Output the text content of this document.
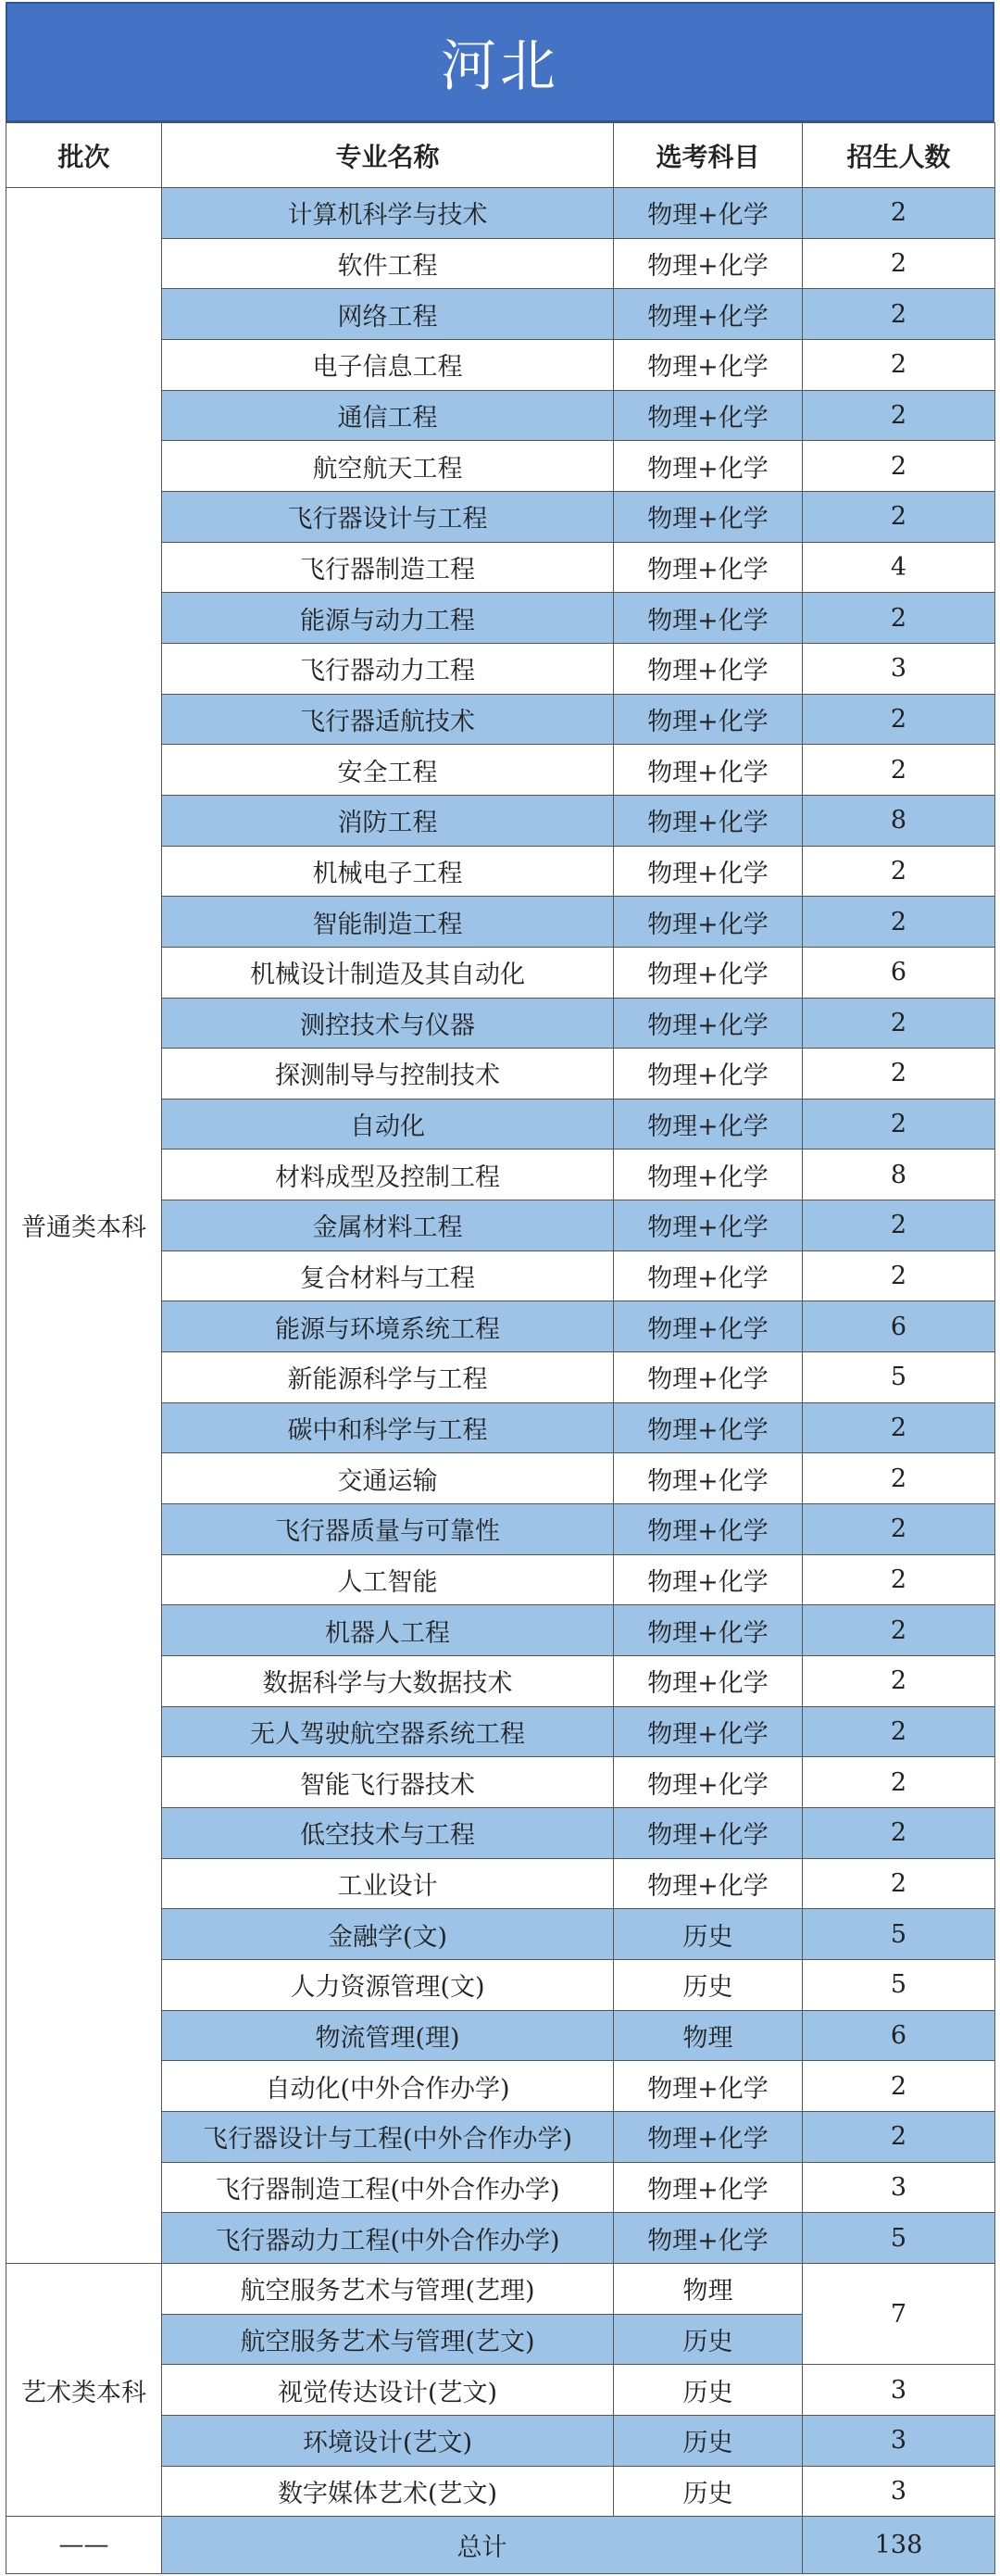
河北
批次	专业名称	选考科目	招生人数
普通类本科	计算机科学与技术	物理+化学	2
	软件工程	物理+化学	2
	网络工程	物理+化学	2
	电子信息工程	物理+化学	2
	通信工程	物理+化学	2
	航空航天工程	物理+化学	2
	飞行器设计与工程	物理+化学	2
	飞行器制造工程	物理+化学	4
	能源与动力工程	物理+化学	2
	飞行器动力工程	物理+化学	3
	飞行器适航技术	物理+化学	2
	安全工程	物理+化学	2
	消防工程	物理+化学	8
	机械电子工程	物理+化学	2
	智能制造工程	物理+化学	2
	机械设计制造及其自动化	物理+化学	6
	测控技术与仪器	物理+化学	2
	探测制导与控制技术	物理+化学	2
	自动化	物理+化学	2
	材料成型及控制工程	物理+化学	8
	金属材料工程	物理+化学	2
	复合材料与工程	物理+化学	2
	能源与环境系统工程	物理+化学	6
	新能源科学与工程	物理+化学	5
	碳中和科学与工程	物理+化学	2
	交通运输	物理+化学	2
	飞行器质量与可靠性	物理+化学	2
	人工智能	物理+化学	2
	机器人工程	物理+化学	2
	数据科学与大数据技术	物理+化学	2
	无人驾驶航空器系统工程	物理+化学	2
	智能飞行器技术	物理+化学	2
	低空技术与工程	物理+化学	2
	工业设计	物理+化学	2
	金融学(文)	历史	5
	人力资源管理(文)	历史	5
	物流管理(理)	物理	6
	自动化(中外合作办学)	物理+化学	2
	飞行器设计与工程(中外合作办学)	物理+化学	2
	飞行器制造工程(中外合作办学)	物理+化学	3
	飞行器动力工程(中外合作办学)	物理+化学	5
艺术类本科	航空服务艺术与管理(艺理)	物理	7
	航空服务艺术与管理(艺文)	历史	
	视觉传达设计(艺文)	历史	3
	环境设计(艺文)	历史	3
	数字媒体艺术(艺文)	历史	3
——	总计		138
